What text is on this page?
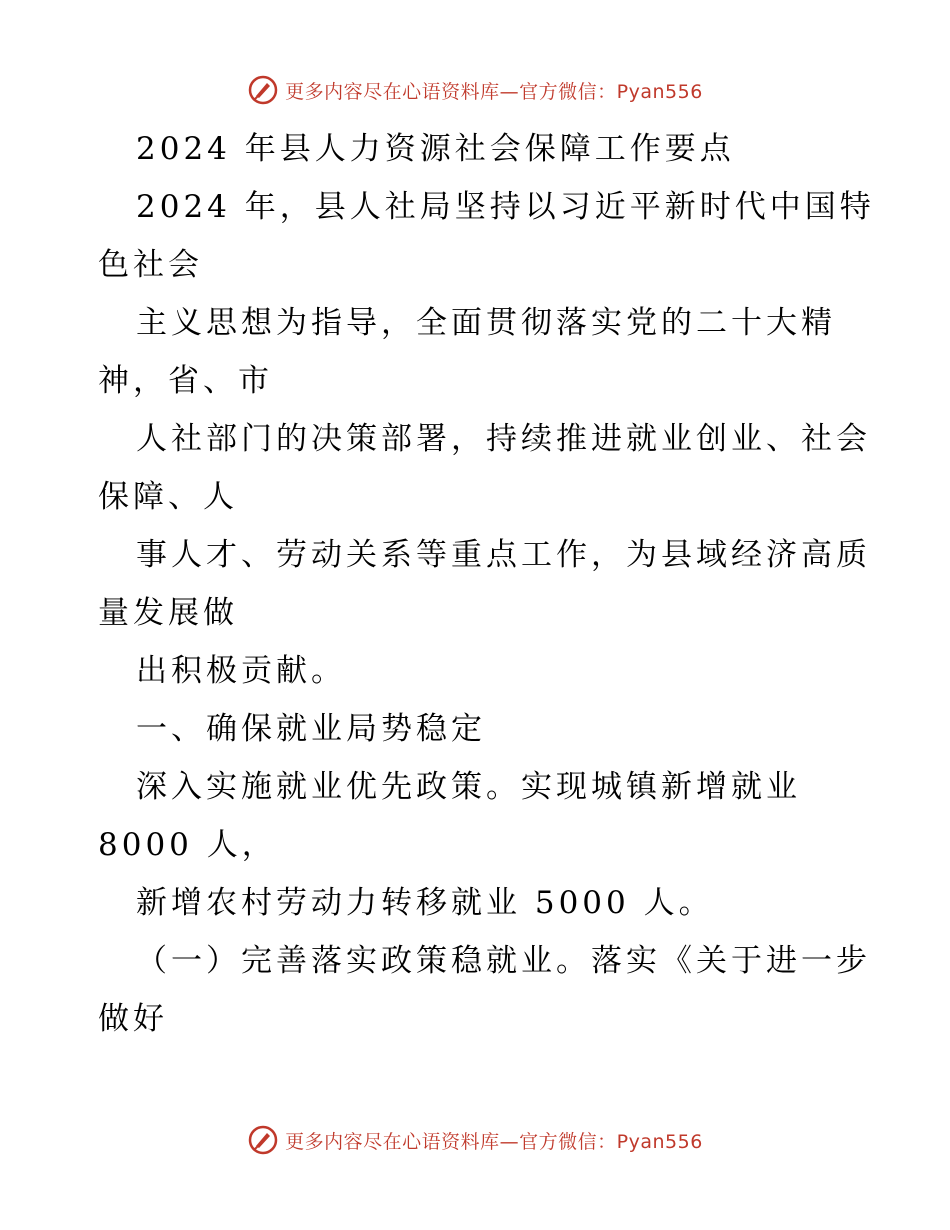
更多内容尽在心语资料库—官方微信：Pyan556
2024 年县人力资源社会保障工作要点
2024 年，县人社局坚持以习近平新时代中国特
色社会
主义思想为指导，全面贯彻落实党的二十大精
神，省、市
人社部门的决策部署，持续推进就业创业、社会
保障、人
事人才、劳动关系等重点工作，为县域经济高质
量发展做
出积极贡献。
一、确保就业局势稳定
深入实施就业优先政策。实现城镇新增就业
8000 人，
新增农村劳动力转移就业 5000 人。
（一）完善落实政策稳就业。落实《关于进一步
做好
更多内容尽在心语资料库—官方微信：Pyan556
